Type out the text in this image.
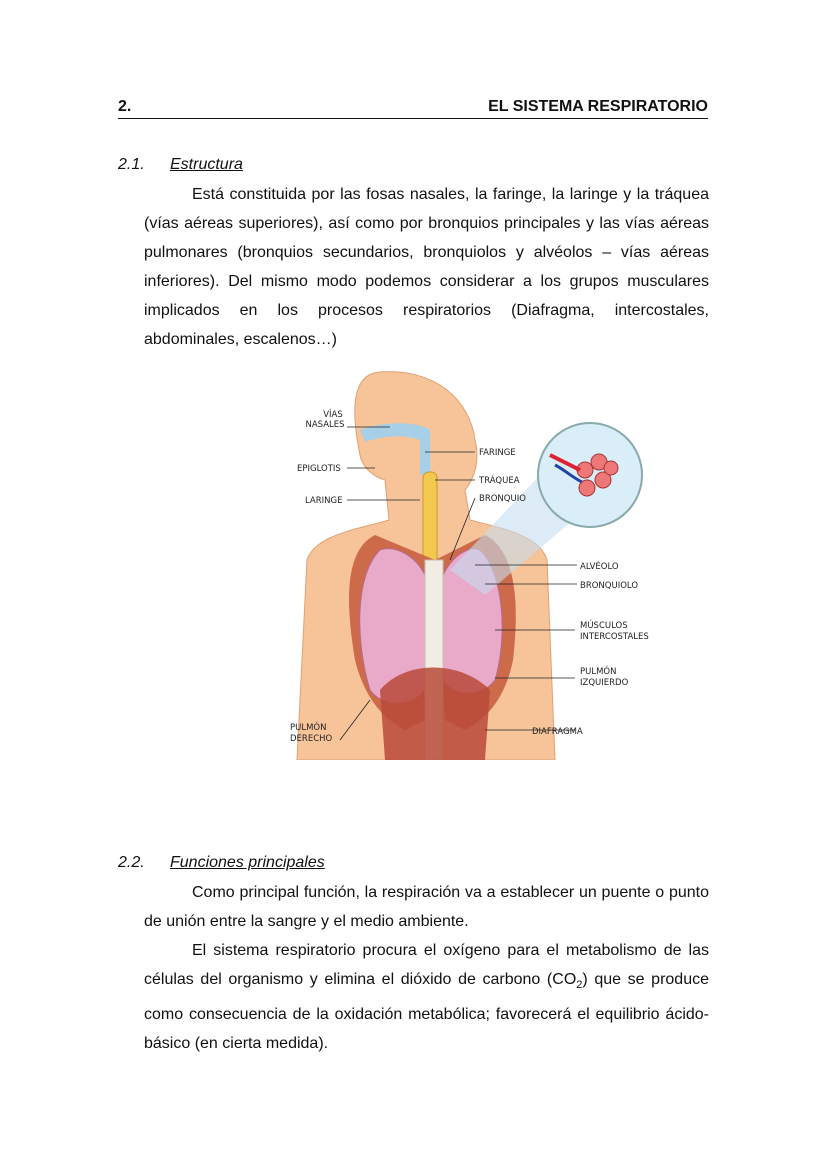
2.	EL SISTEMA RESPIRATORIO
2.1. Estructura

Está constituida por las fosas nasales, la faringe, la laringe y la tráquea (vías aéreas superiores), así como por bronquios principales y las vías aéreas pulmonares (bronquios secundarios, bronquiolos y alvéolos – vías aéreas inferiores). Del mismo modo podemos considerar a los grupos musculares implicados en los procesos respiratorios (Diafragma, intercostales, abdominales, escalenos…)

VÍAS
NASALES
EPIGLOTIS
LARINGE
FARINGE
TRÁQUEA
BRONQUIO
ALVÉOLO
BRONQUIOLO
MÚSCULOS
INTERCOSTALES
PULMÓN
IZQUIERDO
PULMÓN
DERECHO
DIAFRAGMA
2.2. Funciones principales

Como principal función, la respiración va a establecer un puente o punto de unión entre la sangre y el medio ambiente.

El sistema respiratorio procura el oxígeno para el metabolismo de las células del organismo y elimina el dióxido de carbono $(CO_2)$ que se produce como consecuencia de la oxidación metabólica; favorecerá el equilibrio ácido-básico (en cierta medida).
